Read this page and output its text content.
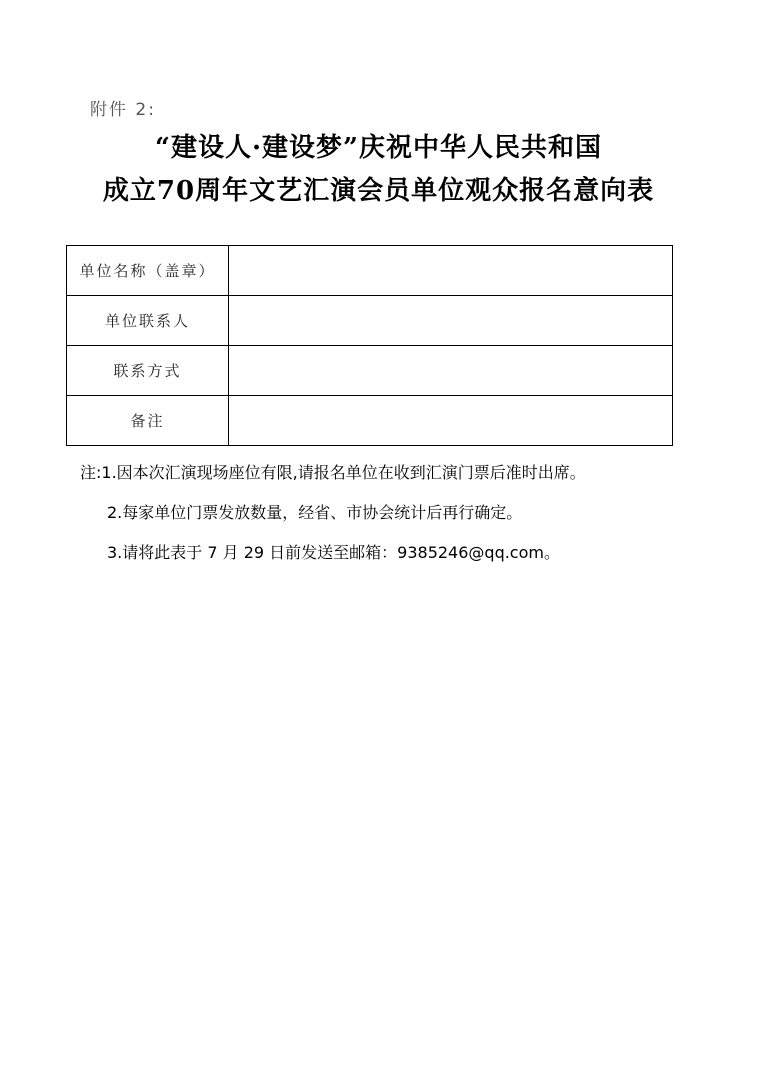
附件 2:
“建设人·建设梦”庆祝中华人民共和国
成立70周年文艺汇演会员单位观众报名意向表
单位名称（盖章）	
单位联系人	
联系方式	
备注	
注:1.因本次汇演现场座位有限,请报名单位在收到汇演门票后准时出席。
2.每家单位门票发放数量，经省、市协会统计后再行确定。
3.请将此表于 7 月 29 日前发送至邮箱：9385246@qq.com。
